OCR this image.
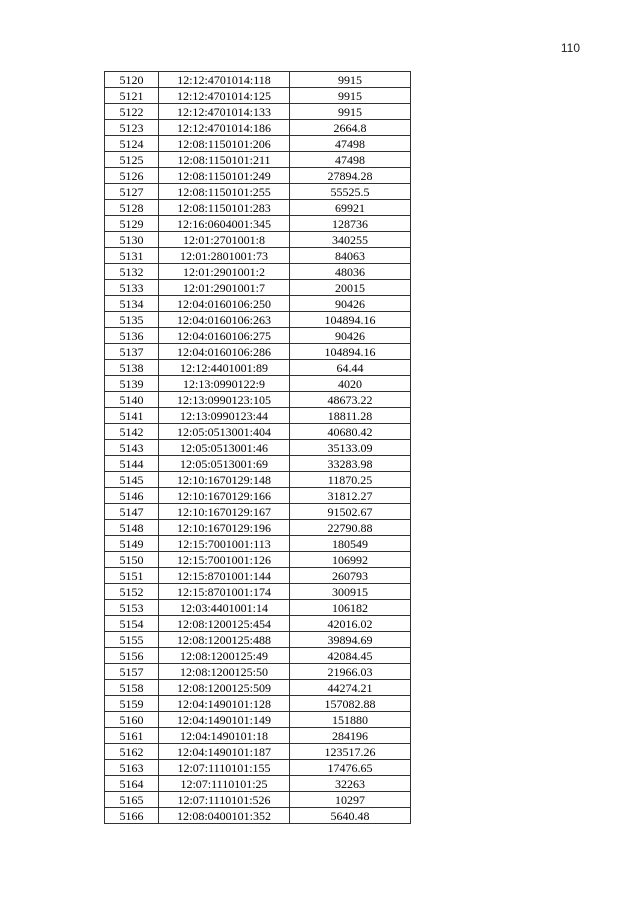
110
5120	12:12:4701014:118	9915
5121	12:12:4701014:125	9915
5122	12:12:4701014:133	9915
5123	12:12:4701014:186	2664.8
5124	12:08:1150101:206	47498
5125	12:08:1150101:211	47498
5126	12:08:1150101:249	27894.28
5127	12:08:1150101:255	55525.5
5128	12:08:1150101:283	69921
5129	12:16:0604001:345	128736
5130	12:01:2701001:8	340255
5131	12:01:2801001:73	84063
5132	12:01:2901001:2	48036
5133	12:01:2901001:7	20015
5134	12:04:0160106:250	90426
5135	12:04:0160106:263	104894.16
5136	12:04:0160106:275	90426
5137	12:04:0160106:286	104894.16
5138	12:12:4401001:89	64.44
5139	12:13:0990122:9	4020
5140	12:13:0990123:105	48673.22
5141	12:13:0990123:44	18811.28
5142	12:05:0513001:404	40680.42
5143	12:05:0513001:46	35133.09
5144	12:05:0513001:69	33283.98
5145	12:10:1670129:148	11870.25
5146	12:10:1670129:166	31812.27
5147	12:10:1670129:167	91502.67
5148	12:10:1670129:196	22790.88
5149	12:15:7001001:113	180549
5150	12:15:7001001:126	106992
5151	12:15:8701001:144	260793
5152	12:15:8701001:174	300915
5153	12:03:4401001:14	106182
5154	12:08:1200125:454	42016.02
5155	12:08:1200125:488	39894.69
5156	12:08:1200125:49	42084.45
5157	12:08:1200125:50	21966.03
5158	12:08:1200125:509	44274.21
5159	12:04:1490101:128	157082.88
5160	12:04:1490101:149	151880
5161	12:04:1490101:18	284196
5162	12:04:1490101:187	123517.26
5163	12:07:1110101:155	17476.65
5164	12:07:1110101:25	32263
5165	12:07:1110101:526	10297
5166	12:08:0400101:352	5640.48
